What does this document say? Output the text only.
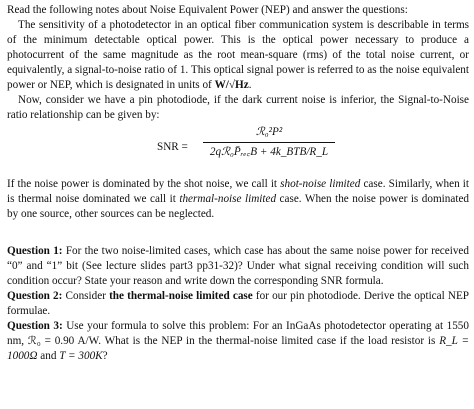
Read the following notes about Noise Equivalent Power (NEP) and answer the questions:

The sensitivity of a photodetector in an optical fiber communication system is describable in terms of the minimum detectable optical power. This is the optical power necessary to produce a photocurrent of the same magnitude as the root mean-square (rms) of the total noise current, or equivalently, a signal-to-noise ratio of 1. This optical signal power is referred to as the noise equivalent power or NEP, which is designated in units of W/√Hz.

Now, consider we have a pin photodiode, if the dark current noise is inferior, the Signal-to-Noise ratio relationship can be given by:

SNR =
ℛ₀²P²
2qℛ₀P̄ᵣₑ꜀B + 4k_BTB/R_L

If the noise power is dominated by the shot noise, we call it shot-noise limited case. Similarly, when it is thermal noise dominated we call it thermal-noise limited case. When the noise power is dominated by one source, other sources can be neglected.

Question 1: For the two noise-limited cases, which case has about the same noise power for received “0” and “1” bit (See lecture slides part3 pp31-32)? Under what signal receiving condition will such condition occur? State your reason and write down the corresponding SNR formula.

Question 2: Consider the thermal-noise limited case for our pin photodiode. Derive the optical NEP formulae.

Question 3: Use your formula to solve this problem: For an InGaAs photodetector operating at 1550 nm, ℛ₀ = 0.90 A/W. What is the NEP in the thermal-noise limited case if the load resistor is R_L = 1000Ω and T = 300K?
